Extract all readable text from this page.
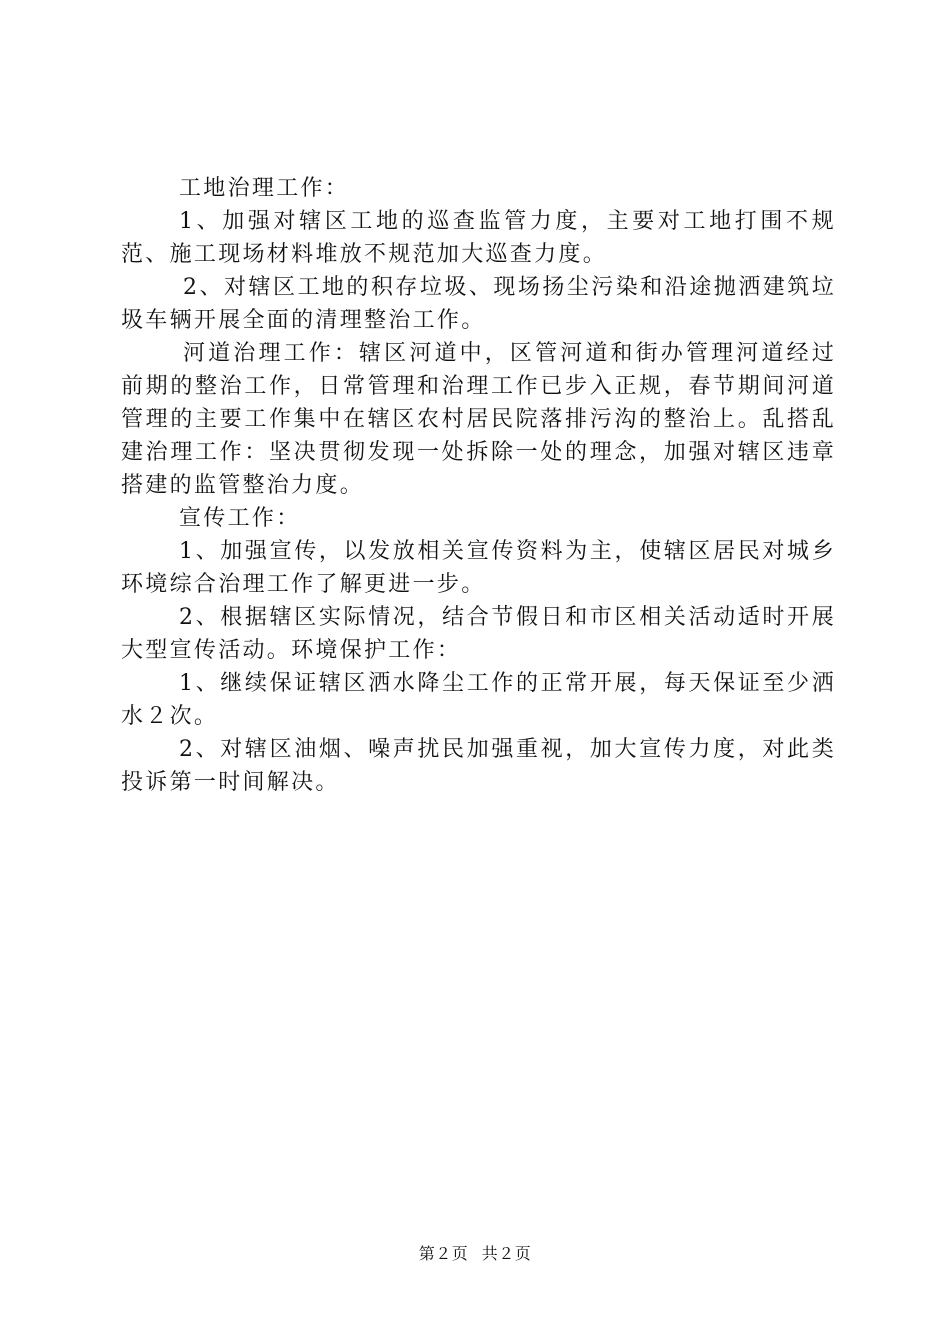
工地治理工作：

1、加强对辖区工地的巡查监管力度，主要对工地打围不规范、施工现场材料堆放不规范加大巡查力度。

2、对辖区工地的积存垃圾、现场扬尘污染和沿途抛洒建筑垃圾车辆开展全面的清理整治工作。

河道治理工作：辖区河道中，区管河道和街办管理河道经过前期的整治工作，日常管理和治理工作已步入正规，春节期间河道管理的主要工作集中在辖区农村居民院落排污沟的整治上。乱搭乱建治理工作：坚决贯彻发现一处拆除一处的理念，加强对辖区违章搭建的监管整治力度。

宣传工作：

1、加强宣传，以发放相关宣传资料为主，使辖区居民对城乡环境综合治理工作了解更进一步。

2、根据辖区实际情况，结合节假日和市区相关活动适时开展大型宣传活动。环境保护工作：

1、继续保证辖区洒水降尘工作的正常开展，每天保证至少洒水２次。

2、对辖区油烟、噪声扰民加强重视，加大宣传力度，对此类投诉第一时间解决。

第２页 共２页
